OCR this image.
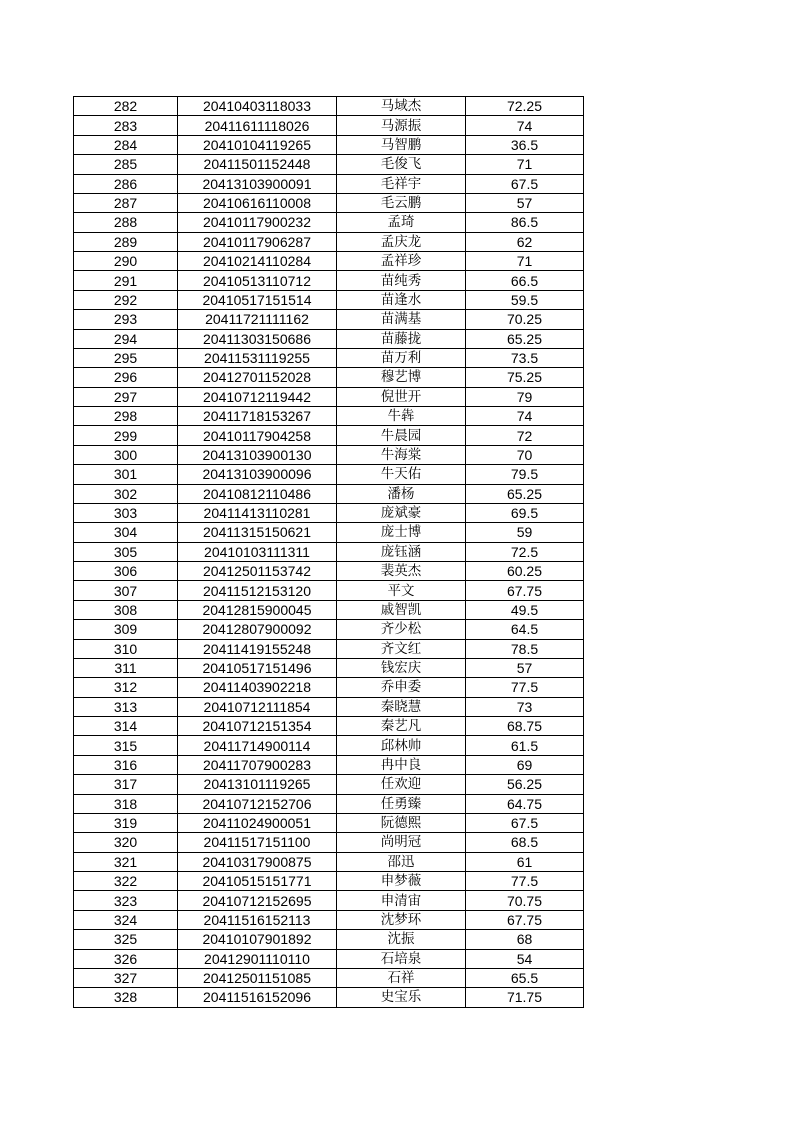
282	20410403118033	马域杰	72.25
283	20411611118026	马源振	74
284	20410104119265	马智鹏	36.5
285	20411501152448	毛俊飞	71
286	20413103900091	毛祥宇	67.5
287	20410616110008	毛云鹏	57
288	20410117900232	孟琦	86.5
289	20410117906287	孟庆龙	62
290	20410214110284	孟祥珍	71
291	20410513110712	苗纯秀	66.5
292	20410517151514	苗逢水	59.5
293	20411721111162	苗满基	70.25
294	20411303150686	苗藤拢	65.25
295	20411531119255	苗万利	73.5
296	20412701152028	穆艺博	75.25
297	20410712119442	倪世开	79
298	20411718153267	牛犇	74
299	20410117904258	牛晨园	72
300	20413103900130	牛海棠	70
301	20413103900096	牛天佑	79.5
302	20410812110486	潘杨	65.25
303	20411413110281	庞斌豪	69.5
304	20411315150621	庞士博	59
305	20410103111311	庞钰涵	72.5
306	20412501153742	裴英杰	60.25
307	20411512153120	平文	67.75
308	20412815900045	戚智凯	49.5
309	20412807900092	齐少松	64.5
310	20411419155248	齐文红	78.5
311	20410517151496	钱宏庆	57
312	20411403902218	乔申委	77.5
313	20410712111854	秦晓慧	73
314	20410712151354	秦艺凡	68.75
315	20411714900114	邱林帅	61.5
316	20411707900283	冉中良	69
317	20413101119265	任欢迎	56.25
318	20410712152706	任勇臻	64.75
319	20411024900051	阮德熙	67.5
320	20411517151100	尚明冠	68.5
321	20410317900875	邵迅	61
322	20410515151771	申梦薇	77.5
323	20410712152695	申清宙	70.75
324	20411516152113	沈梦环	67.75
325	20410107901892	沈振	68
326	20412901110110	石培泉	54
327	20412501151085	石祥	65.5
328	20411516152096	史宝乐	71.75
